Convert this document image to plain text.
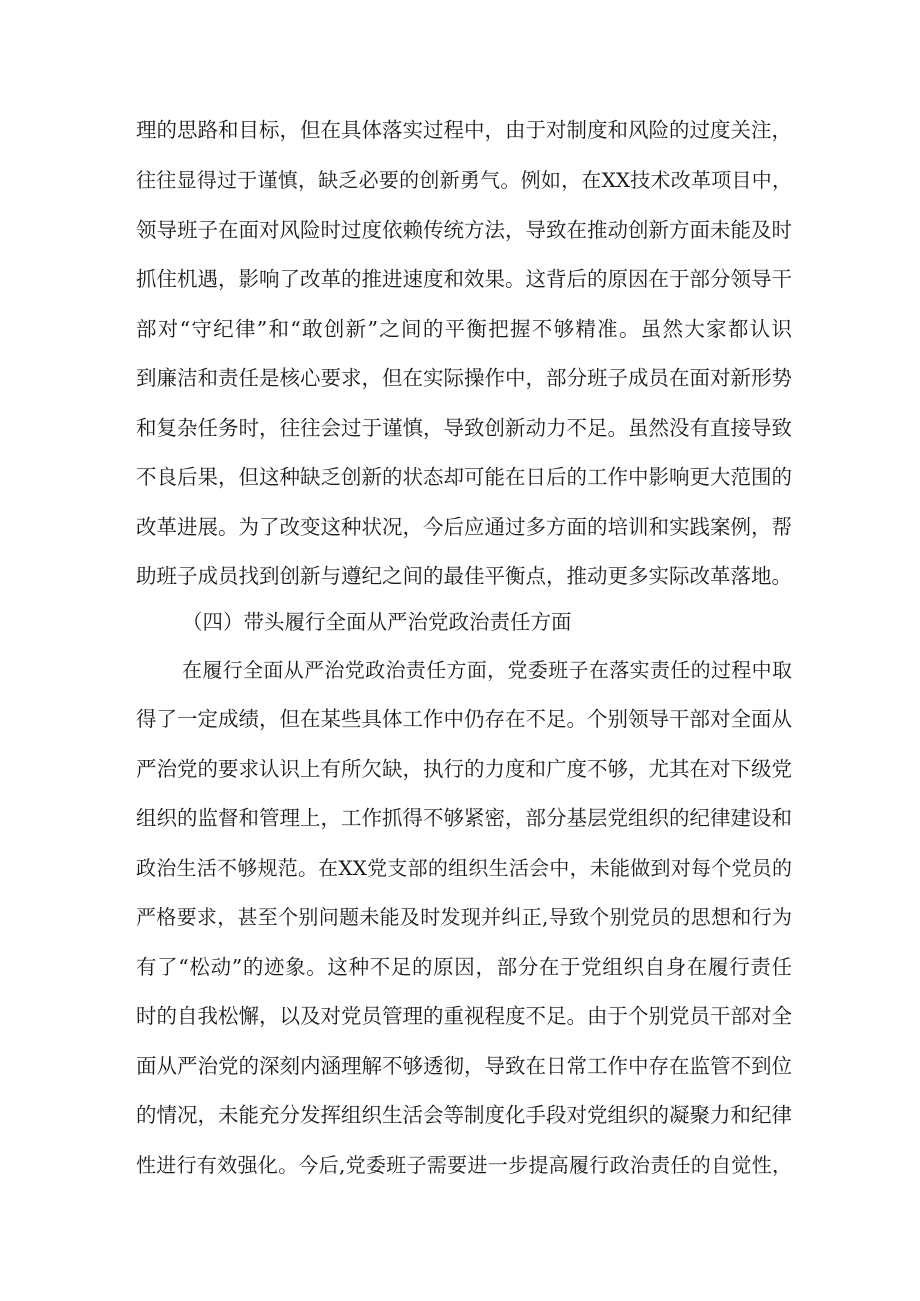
理的思路和目标，但在具体落实过程中，由于对制度和风险的过度关注，
往往显得过于谨慎，缺乏必要的创新勇气。例如，在XX技术改革项目中，
领导班子在面对风险时过度依赖传统方法，导致在推动创新方面未能及时
抓住机遇，影响了改革的推进速度和效果。这背后的原因在于部分领导干
部对“守纪律”和“敢创新”之间的平衡把握不够精准。虽然大家都认识
到廉洁和责任是核心要求，但在实际操作中，部分班子成员在面对新形势
和复杂任务时，往往会过于谨慎，导致创新动力不足。虽然没有直接导致
不良后果，但这种缺乏创新的状态却可能在日后的工作中影响更大范围的
改革进展。为了改变这种状况，今后应通过多方面的培训和实践案例，帮
助班子成员找到创新与遵纪之间的最佳平衡点，推动更多实际改革落地。
（四）带头履行全面从严治党政治责任方面
在履行全面从严治党政治责任方面，党委班子在落实责任的过程中取
得了一定成绩，但在某些具体工作中仍存在不足。个别领导干部对全面从
严治党的要求认识上有所欠缺，执行的力度和广度不够，尤其在对下级党
组织的监督和管理上，工作抓得不够紧密，部分基层党组织的纪律建设和
政治生活不够规范。在XX党支部的组织生活会中，未能做到对每个党员的
严格要求，甚至个别问题未能及时发现并纠正,导致个别党员的思想和行为
有了“松动”的迹象。这种不足的原因，部分在于党组织自身在履行责任
时的自我松懈，以及对党员管理的重视程度不足。由于个别党员干部对全
面从严治党的深刻内涵理解不够透彻，导致在日常工作中存在监管不到位
的情况，未能充分发挥组织生活会等制度化手段对党组织的凝聚力和纪律
性进行有效强化。今后,党委班子需要进一步提高履行政治责任的自觉性，
